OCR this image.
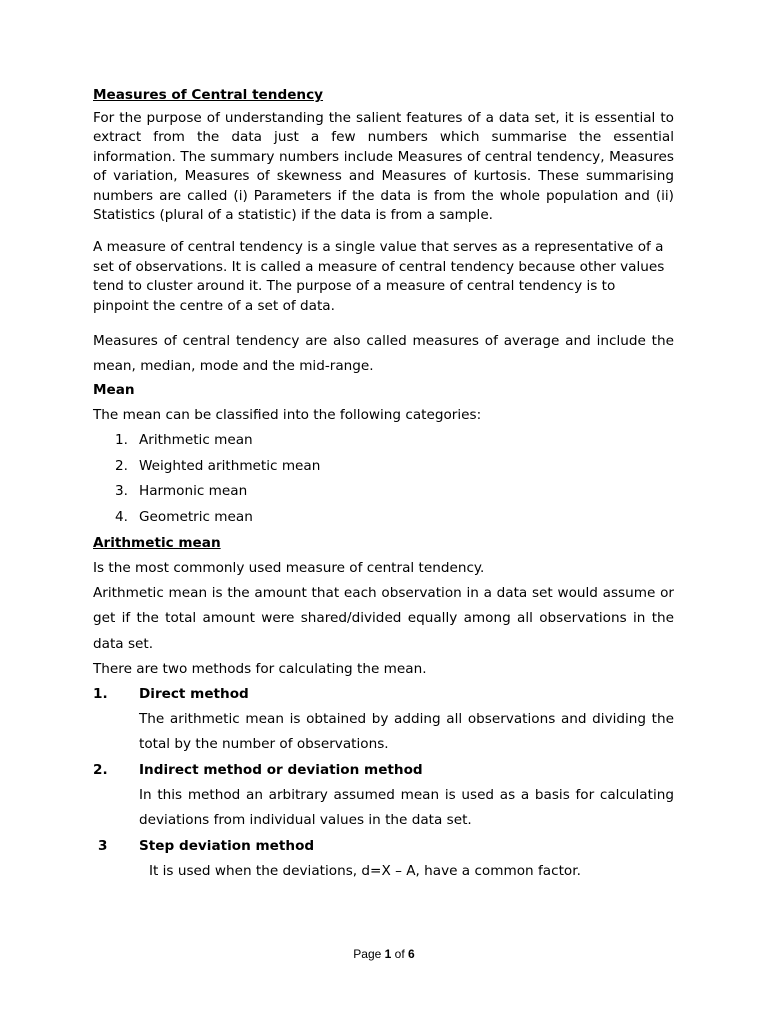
Measures of Central tendency

For the purpose of understanding the salient features of a data set, it is essential to extract from the data just a few numbers which summarise the essential information. The summary numbers include Measures of central tendency, Measures of variation, Measures of skewness and Measures of kurtosis. These summarising numbers are called (i) Parameters if the data is from the whole population and (ii) Statistics (plural of a statistic) if the data is from a sample.

A measure of central tendency is a single value that serves as a representative of a set of observations. It is called a measure of central tendency because other values tend to cluster around it. The purpose of a measure of central tendency is to pinpoint the centre of a set of data.

Measures of central tendency are also called measures of average and include the mean, median, mode and the mid-range.

Mean

The mean can be classified into the following categories:

1. Arithmetic mean
2. Weighted arithmetic mean
3. Harmonic mean
4. Geometric mean

Arithmetic mean

Is the most commonly used measure of central tendency.

Arithmetic mean is the amount that each observation in a data set would assume or get if the total amount were shared/divided equally among all observations in the data set.

There are two methods for calculating the mean.

1. Direct method

The arithmetic mean is obtained by adding all observations and dividing the total by the number of observations.

2. Indirect method or deviation method

In this method an arbitrary assumed mean is used as a basis for calculating deviations from individual values in the data set.

3 Step deviation method

It is used when the deviations, d=X – A, have a common factor.

Page 1 of 6
